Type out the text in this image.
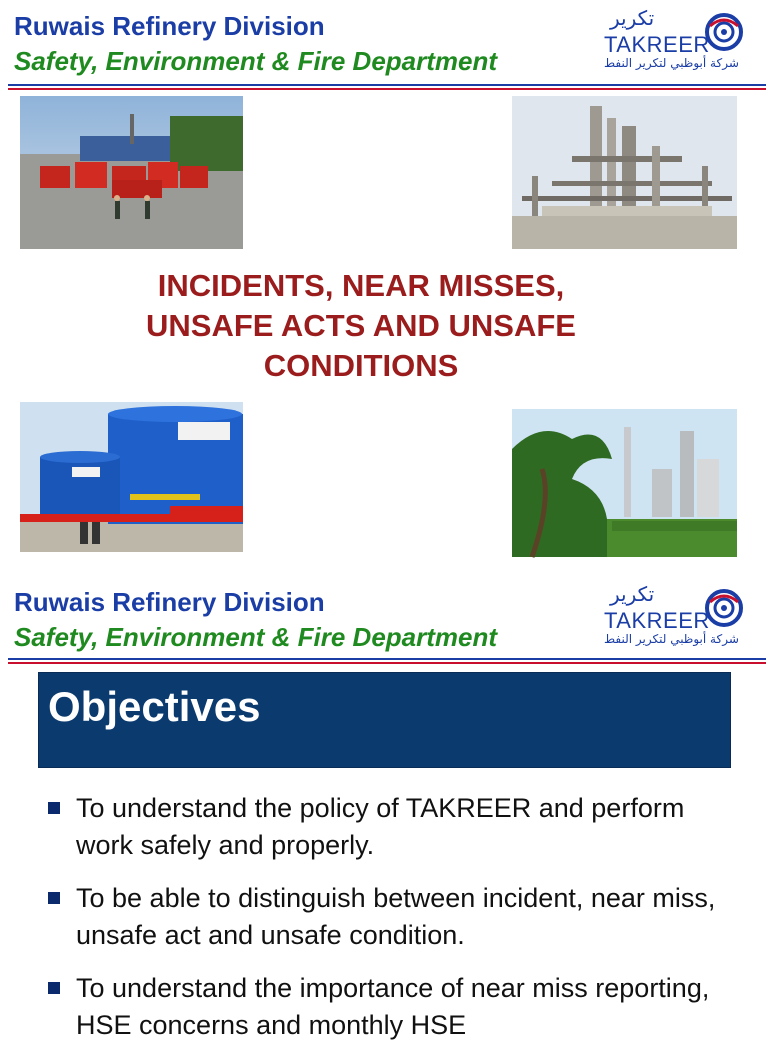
Ruwais Refinery Division
Safety, Environment & Fire Department
تكرير
TAKREER
شركة أبوظبي لتكرير النفط
INCIDENTS, NEAR MISSES,
UNSAFE ACTS AND UNSAFE
CONDITIONS
Ruwais Refinery Division
Safety, Environment & Fire Department
تكرير
TAKREER
شركة أبوظبي لتكرير النفط
Objectives
To understand the policy of TAKREER and perform work safely and properly.
To be able to distinguish between incident, near miss, unsafe act and unsafe condition.
To understand the importance of near miss reporting, HSE concerns and monthly HSE
